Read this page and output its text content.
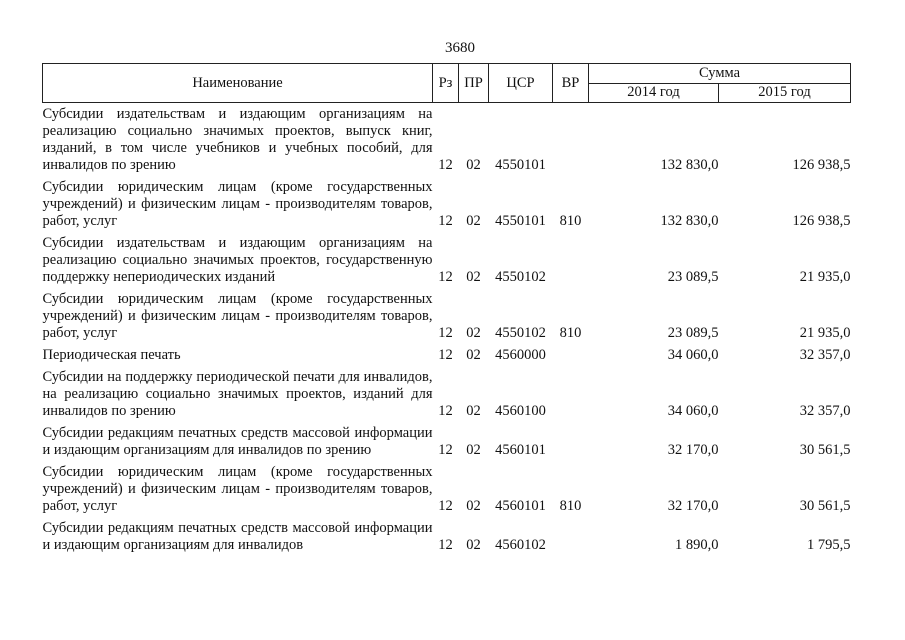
3680
Наименование	Рз	ПР	ЦСР	ВР	Сумма	
					2014 год	2015 год
Субсидии издательствам и издающим организациям на реализацию социально значимых проектов, выпуск книг, изданий, в том числе учебников и учебных пособий, для инвалидов по зрению	12	02	4550101		132 830,0	126 938,5
Субсидии юридическим лицам (кроме государственных учреждений) и физическим лицам - производителям товаров, работ, услуг	12	02	4550101	810	132 830,0	126 938,5
Субсидии издательствам и издающим организациям на реализацию социально значимых проектов, государственную поддержку непериодических изданий	12	02	4550102		23 089,5	21 935,0
Субсидии юридическим лицам (кроме государственных учреждений) и физическим лицам - производителям товаров, работ, услуг	12	02	4550102	810	23 089,5	21 935,0
Периодическая печать	12	02	4560000		34 060,0	32 357,0
Субсидии на поддержку периодической печати для инвалидов, на реализацию социально значимых проектов, изданий для инвалидов по зрению	12	02	4560100		34 060,0	32 357,0
Субсидии редакциям печатных средств массовой информации и издающим организациям для инвалидов по зрению	12	02	4560101		32 170,0	30 561,5
Субсидии юридическим лицам (кроме государственных учреждений) и физическим лицам - производителям товаров, работ, услуг	12	02	4560101	810	32 170,0	30 561,5
Субсидии редакциям печатных средств массовой информации и издающим организациям для инвалидов	12	02	4560102		1 890,0	1 795,5
